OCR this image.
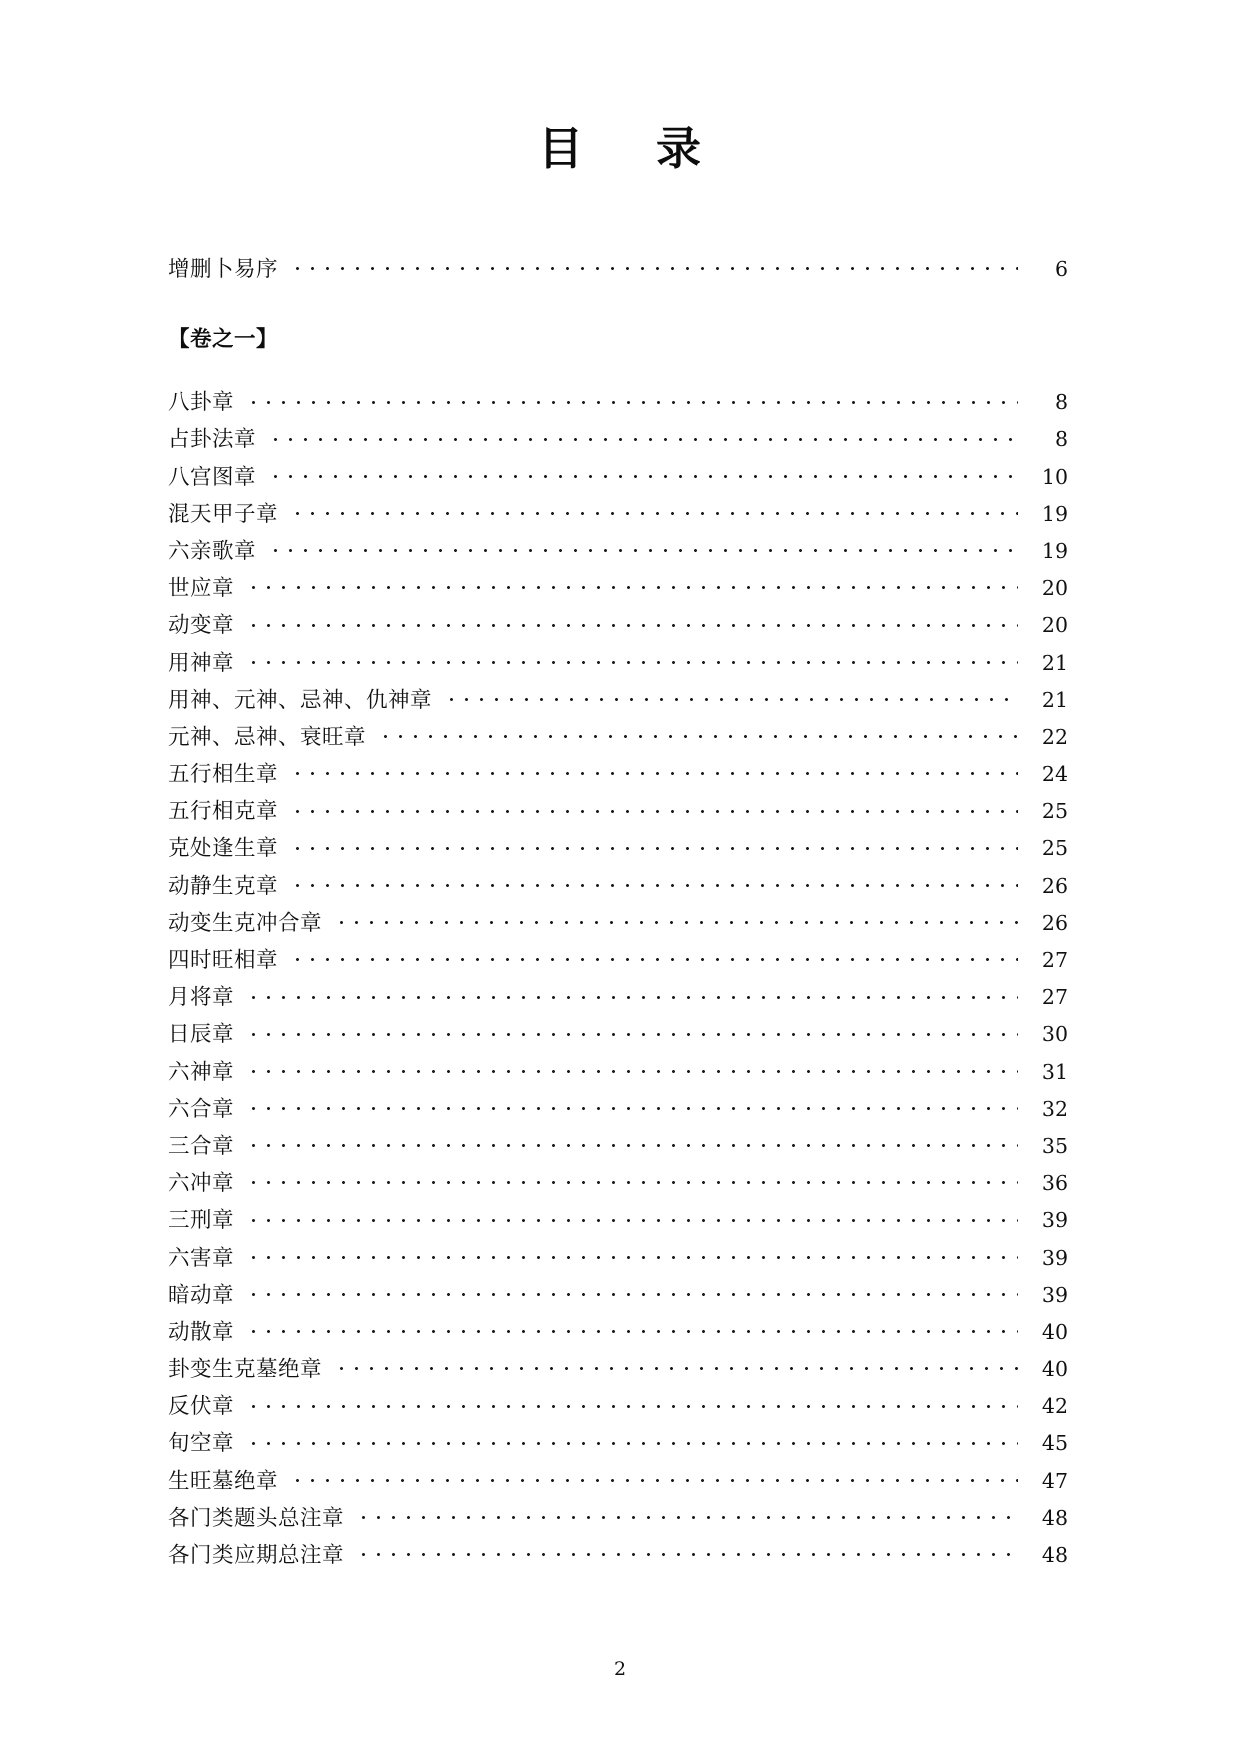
目 录
增删卜易序	6
【卷之一】
八卦章	8
占卦法章	8
八宫图章	10
混天甲子章	19
六亲歌章	19
世应章	20
动变章	20
用神章	21
用神、元神、忌神、仇神章	21
元神、忌神、衰旺章	22
五行相生章	24
五行相克章	25
克处逢生章	25
动静生克章	26
动变生克冲合章	26
四时旺相章	27
月将章	27
日辰章	30
六神章	31
六合章	32
三合章	35
六冲章	36
三刑章	39
六害章	39
暗动章	39
动散章	40
卦变生克墓绝章	40
反伏章	42
旬空章	45
生旺墓绝章	47
各门类题头总注章	48
各门类应期总注章	48
2
